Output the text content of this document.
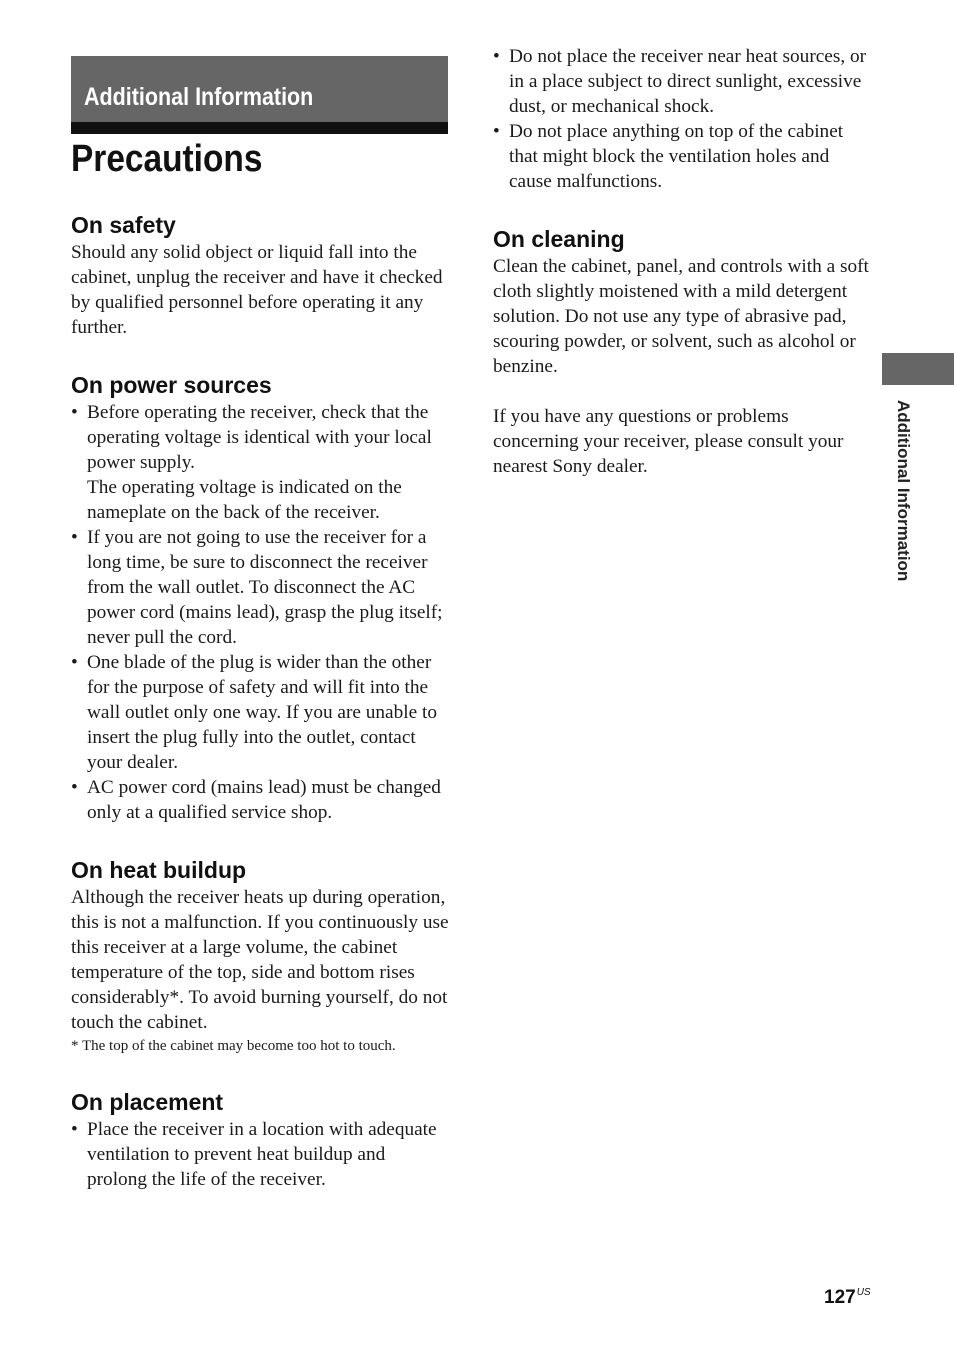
Additional Information
Precautions
On safety

Should any solid object or liquid fall into the cabinet, unplug the receiver and have it checked by qualified personnel before operating it any further.

On power sources
• Before operating the receiver, check that the operating voltage is identical with your local power supply.
The operating voltage is indicated on the nameplate on the back of the receiver.
• If you are not going to use the receiver for a long time, be sure to disconnect the receiver from the wall outlet. To disconnect the AC power cord (mains lead), grasp the plug itself; never pull the cord.
• One blade of the plug is wider than the other for the purpose of safety and will fit into the wall outlet only one way. If you are unable to insert the plug fully into the outlet, contact your dealer.
• AC power cord (mains lead) must be changed only at a qualified service shop.
On heat buildup

Although the receiver heats up during operation, this is not a malfunction. If you continuously use this receiver at a large volume, the cabinet temperature of the top, side and bottom rises considerably*. To avoid burning yourself, do not touch the cabinet.

* The top of the cabinet may become too hot to touch.

On placement
• Place the receiver in a location with adequate ventilation to prevent heat buildup and prolong the life of the receiver.
• Do not place the receiver near heat sources, or in a place subject to direct sunlight, excessive dust, or mechanical shock.
• Do not place anything on top of the cabinet that might block the ventilation holes and cause malfunctions.
On cleaning

Clean the cabinet, panel, and controls with a soft cloth slightly moistened with a mild detergent solution. Do not use any type of abrasive pad, scouring powder, or solvent, such as alcohol or benzine.

If you have any questions or problems concerning your receiver, please consult your nearest Sony dealer.	Additional Information
$127^{US}$
